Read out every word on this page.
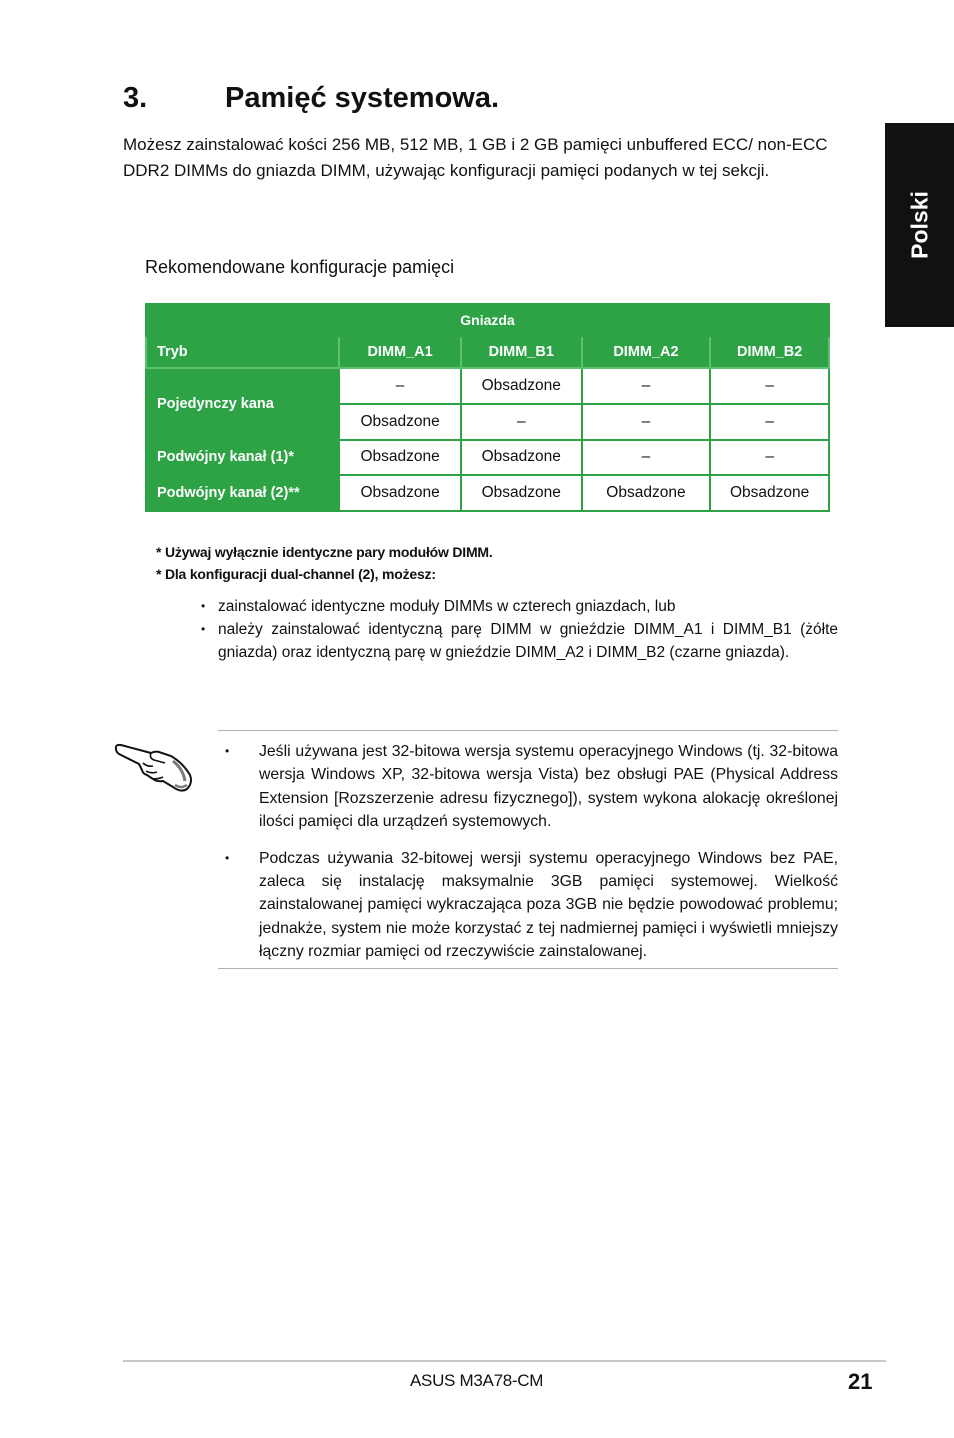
Polski
3.	Pamięć systemowa.
Możesz zainstalować kości 256 MB, 512 MB, 1 GB i 2 GB pamięci unbuffered ECC/ non-ECC DDR2 DIMMs do gniazda DIMM, używając konfiguracji pamięci podanych w tej sekcji.
Rekomendowane konfiguracje pamięci
Gniazda				
Tryb	DIMM_A1	DIMM_B1	DIMM_A2	DIMM_B2
Pojedynczy kana	–	Obsadzone	–	–
	Obsadzone	–	–	–
Podwójny kanał (1)*	Obsadzone	Obsadzone	–	–
Podwójny kanał (2)**	Obsadzone	Obsadzone	Obsadzone	Obsadzone
* Używaj wyłącznie identyczne pary modułów DIMM.
* Dla konfiguracji dual-channel (2), możesz:
• zainstalować identyczne moduły DIMMs w czterech gniazdach, lub
• należy zainstalować identyczną parę DIMM w gnieździe DIMM_A1 i DIMM_B1 (żółte gniazda) oraz identyczną parę w gnieździe DIMM_A2 i DIMM_B2 (czarne gniazda).
• Jeśli używana jest 32-bitowa wersja systemu operacyjnego Windows (tj. 32-bitowa wersja Windows XP, 32-bitowa wersja Vista) bez obsługi PAE (Physical Address Extension [Rozszerzenie adresu fizycznego]), system wykona alokację określonej ilości pamięci dla urządzeń systemowych.
• Podczas używania 32-bitowej wersji systemu operacyjnego Windows bez PAE, zaleca się instalację maksymalnie 3GB pamięci systemowej. Wielkość zainstalowanej pamięci wykraczająca poza 3GB nie będzie powodować problemu; jednakże, system nie może korzystać z tej nadmiernej pamięci i wyświetli mniejszy łączny rozmiar pamięci od rzeczywiście zainstalowanej.
ASUS M3A78-CM	21
